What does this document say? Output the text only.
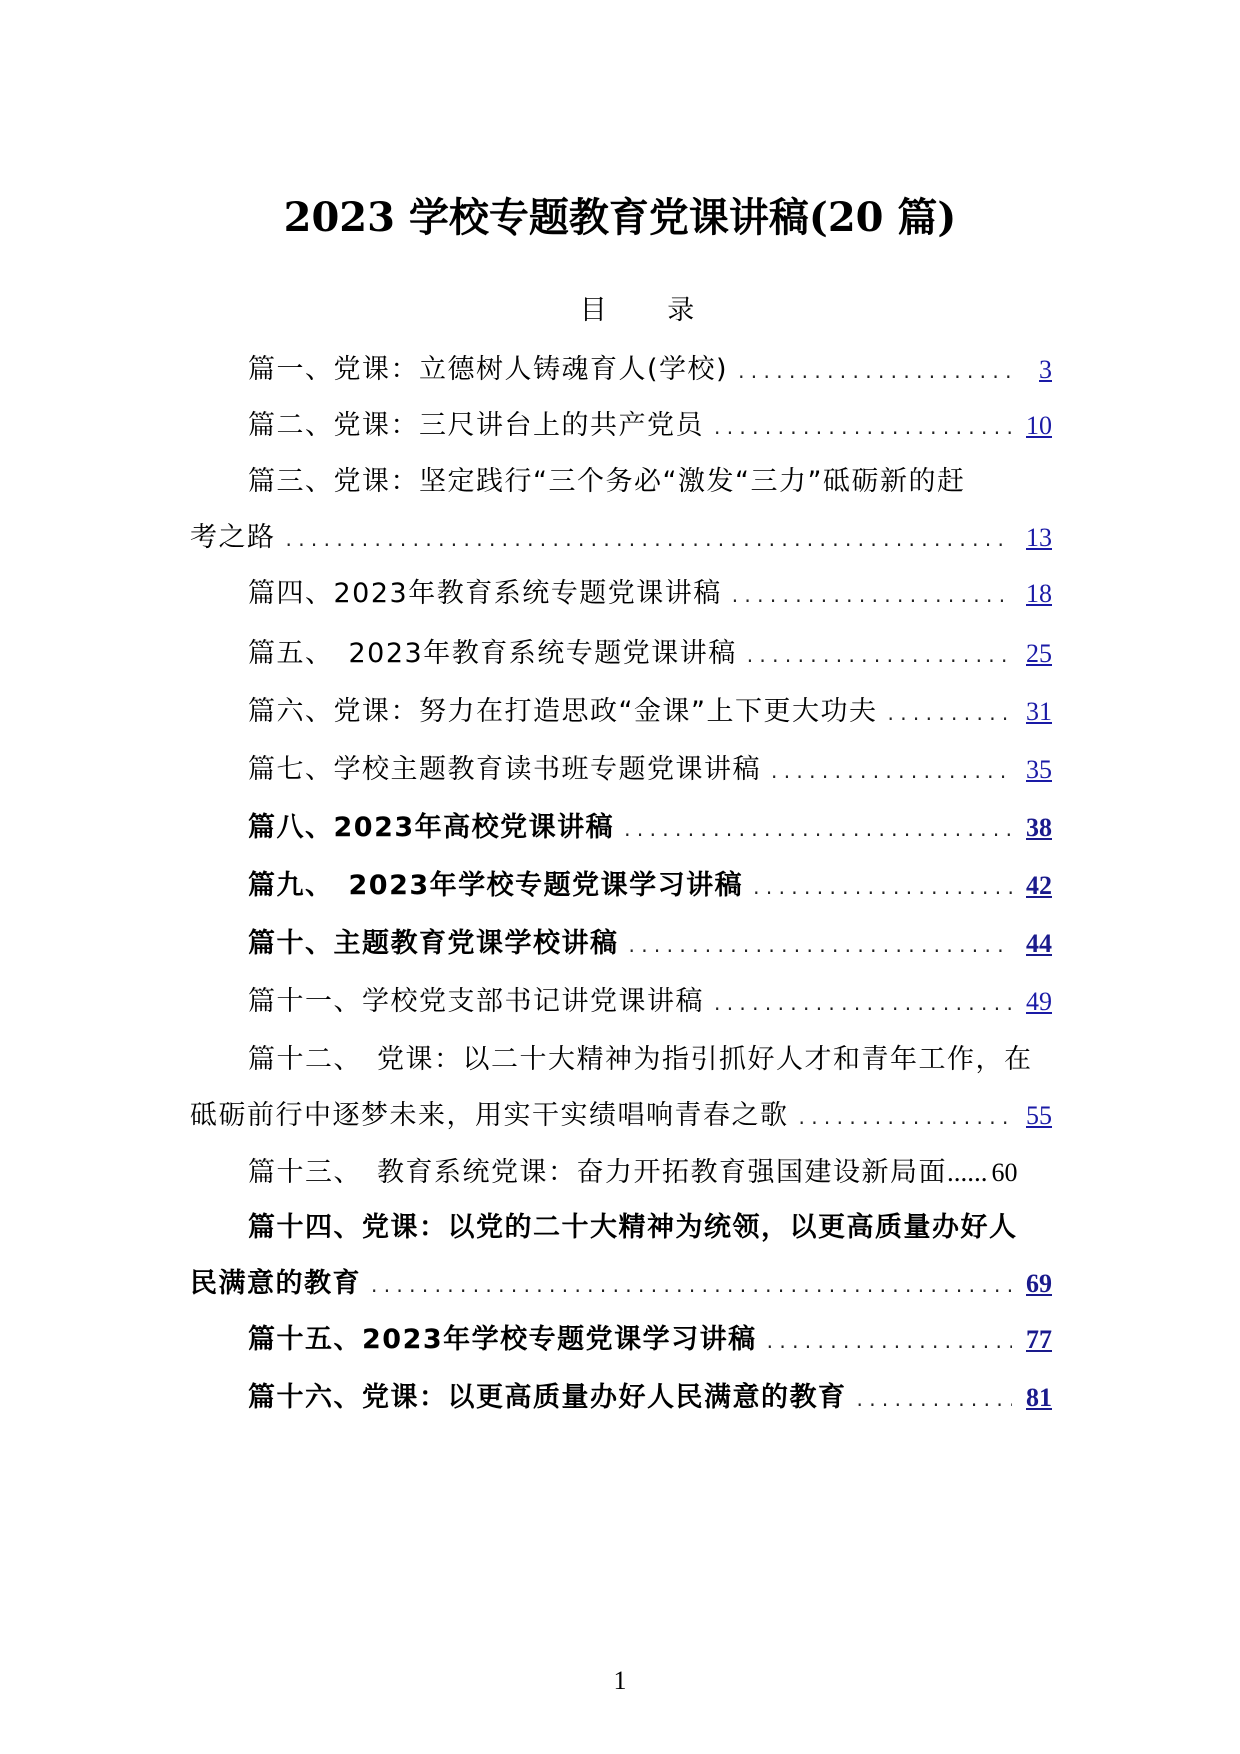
2023 学校专题教育党课讲稿(20 篇)
目 录
篇一、党课：立德树人铸魂育人(学校) . . .	3
篇二、党课：三尺讲台上的共产党员 . . .	10
篇三、党课：坚定践行“三个务必“激发“三力”砥砺新的赶
考之路 . . .	13
篇四、2023年教育系统专题党课讲稿 . . .	18
篇五、　2023年教育系统专题党课讲稿 . . .	25
篇六、党课：努力在打造思政“金课”上下更大功夫 . . .	31
篇七、学校主题教育读书班专题党课讲稿 . . .	35
篇八、2023年高校党课讲稿 . . .	38
篇九、　2023年学校专题党课学习讲稿 . . .	42
篇十、主题教育党课学校讲稿 . . .	44
篇十一、学校党支部书记讲党课讲稿 . . .	49
篇十二、　党课：以二十大精神为指引抓好人才和青年工作，在
砥砺前行中逐梦未来，用实干实绩唱响青春之歌 . . .	55
篇十三、　教育系统党课：奋力开拓教育强国建设新局面 ...... 60
篇十四、党课：以党的二十大精神为统领，以更高质量办好人
民满意的教育 . . .	69
篇十五、2023年学校专题党课学习讲稿 . . .	77
篇十六、党课：以更高质量办好人民满意的教育 . . .	81
1
